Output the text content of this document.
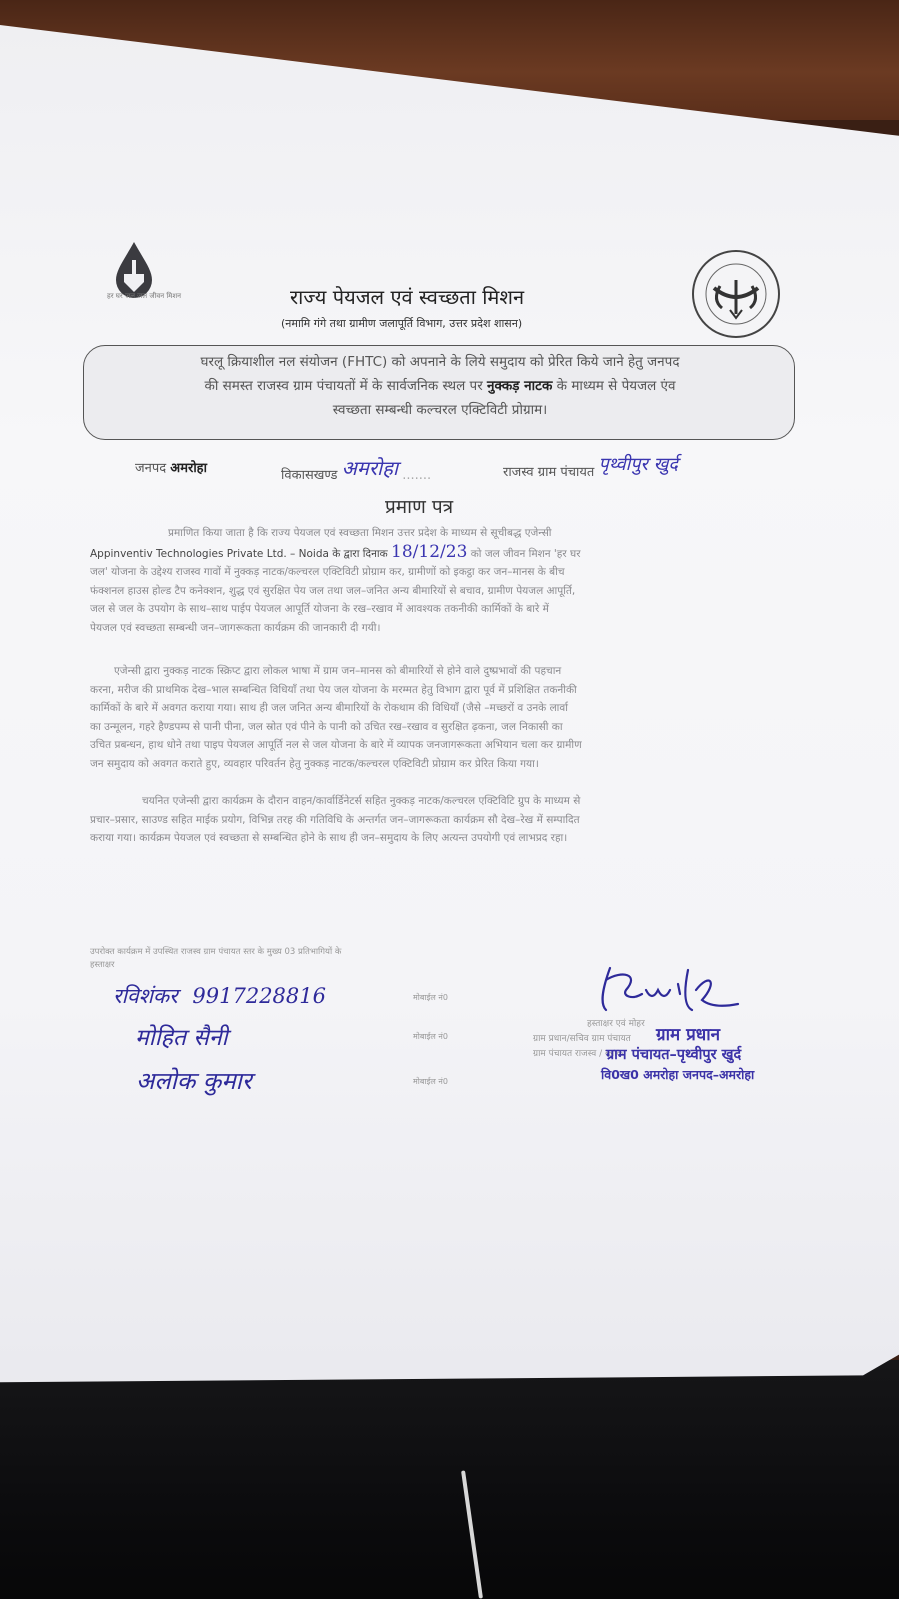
हर घर जल जल जीवन मिशन	राज्य पेयजल एवं स्वच्छता मिशन
(नमामि गंगे तथा ग्रामीण जलापूर्ति विभाग, उत्तर प्रदेश शासन)
घरलू क्रियाशील नल संयोजन (FHTC) को अपनाने के लिये समुदाय को प्रेरित किये जाने हेतु जनपद
की समस्त राजस्व ग्राम पंचायतों में के सार्वजनिक स्थल पर नुक्कड़ नाटक के माध्यम से पेयजल एंव
स्वच्छता सम्बन्धी कल्चरल एक्टिविटी प्रोग्राम।
जनपद अमरोहा	विकासखण्ड अमरोहा .......	राजस्व ग्राम पंचायत पृथ्वीपुर खुर्द
प्रमाण पत्र
प्रमाणित किया जाता है कि राज्य पेयजल एवं स्वच्छता मिशन उत्तर प्रदेश के माध्यम से सूचीबद्ध एजेन्सी
Appinventiv Technologies Private Ltd. – Noida के द्वारा दिनाक 18/12/23 को जल जीवन मिशन 'हर घर
जल' योजना के उद्देश्य राजस्व गावों में नुक्कड़ नाटक/कल्चरल एक्टिविटी प्रोग्राम कर, ग्रामीणों को इकट्ठा कर जन–मानस के बीच
फंक्शनल हाउस होल्ड टैप कनेक्शन, शुद्ध एवं सुरक्षित पेय जल तथा जल–जनित अन्य बीमारियों से बचाव, ग्रामीण पेयजल आपूर्ति,
जल से जल के उपयोग के साथ–साथ पाईप पेयजल आपूर्ति योजना के रख–रखाव में आवश्यक तकनीकी कार्मिकों के बारे में
पेयजल एवं स्वच्छता सम्बन्धी जन–जागरूकता कार्यक्रम की जानकारी दी गयी।
एजेन्सी द्वारा नुक्कड़ नाटक स्क्रिप्ट द्वारा लोकल भाषा में ग्राम जन–मानस को बीमारियों से होने वाले दुष्प्रभावों की पहचान
करना, मरीज की प्राथमिक देख–भाल सम्बन्धित विधियाँ तथा पेय जल योजना के मरम्मत हेतु विभाग द्वारा पूर्व में प्रशिक्षित तकनीकी
कार्मिकों के बारे में अवगत कराया गया। साथ ही जल जनित अन्य बीमारियों के रोकथाम की विधियाँ (जैसे –मच्छरों व उनके लार्वा
का उन्मूलन, गहरे हैण्डपम्प से पानी पीना, जल स्रोत एवं पीने के पानी को उचित रख–रखाव व सुरक्षित ढ़कना, जल निकासी का
उचित प्रबन्धन, हाथ धोने तथा पाइप पेयजल आपूर्ति नल से जल योजना के बारे में व्यापक जनजागरूकता अभियान चला कर ग्रामीण
जन समुदाय को अवगत कराते हुए, व्यवहार परिवर्तन हेतु नुक्कड़ नाटक/कल्चरल एक्टिविटी प्रोग्राम कर प्रेरित किया गया।
चयनित एजेन्सी द्वारा कार्यक्रम के दौरान वाहन/कार्वार्डिनेटर्स सहित नुक्कड़ नाटक/कल्चरल एक्टिविटि ग्रुप के माध्यम से
प्रचार–प्रसार, साउण्ड सहित माईक प्रयोग, विभिन्न तरह की गतिविधि के अन्तर्गत जन–जागरूकता कार्यक्रम सौ देख–रेख में सम्पादित
कराया गया। कार्यक्रम पेयजल एवं स्वच्छता से सम्बन्धित होने के साथ ही जन–समुदाय के लिए अत्यन्त उपयोगी एवं लाभप्रद रहा।
उपरोक्त कार्यक्रम में उपस्थित राजस्व ग्राम पंचायत स्तर के मुख्य 03 प्रतिभागियों के
हस्ताक्षर
रविशंकर 9917228816	मोबाईल नं0
मोहित सैनी	मोबाईल नं0
अलोक कुमार	मोबाईल नं0
हस्ताक्षर एवं मोहर
ग्राम प्रधान/सचिव ग्राम पंचायत
ग्राम पंचायत राजस्व / ब्लाक
ग्राम प्रधान
ग्राम पंचायत–पृथ्वीपुर खुर्द
वि0ख0 अमरोहा जनपद–अमरोहा
